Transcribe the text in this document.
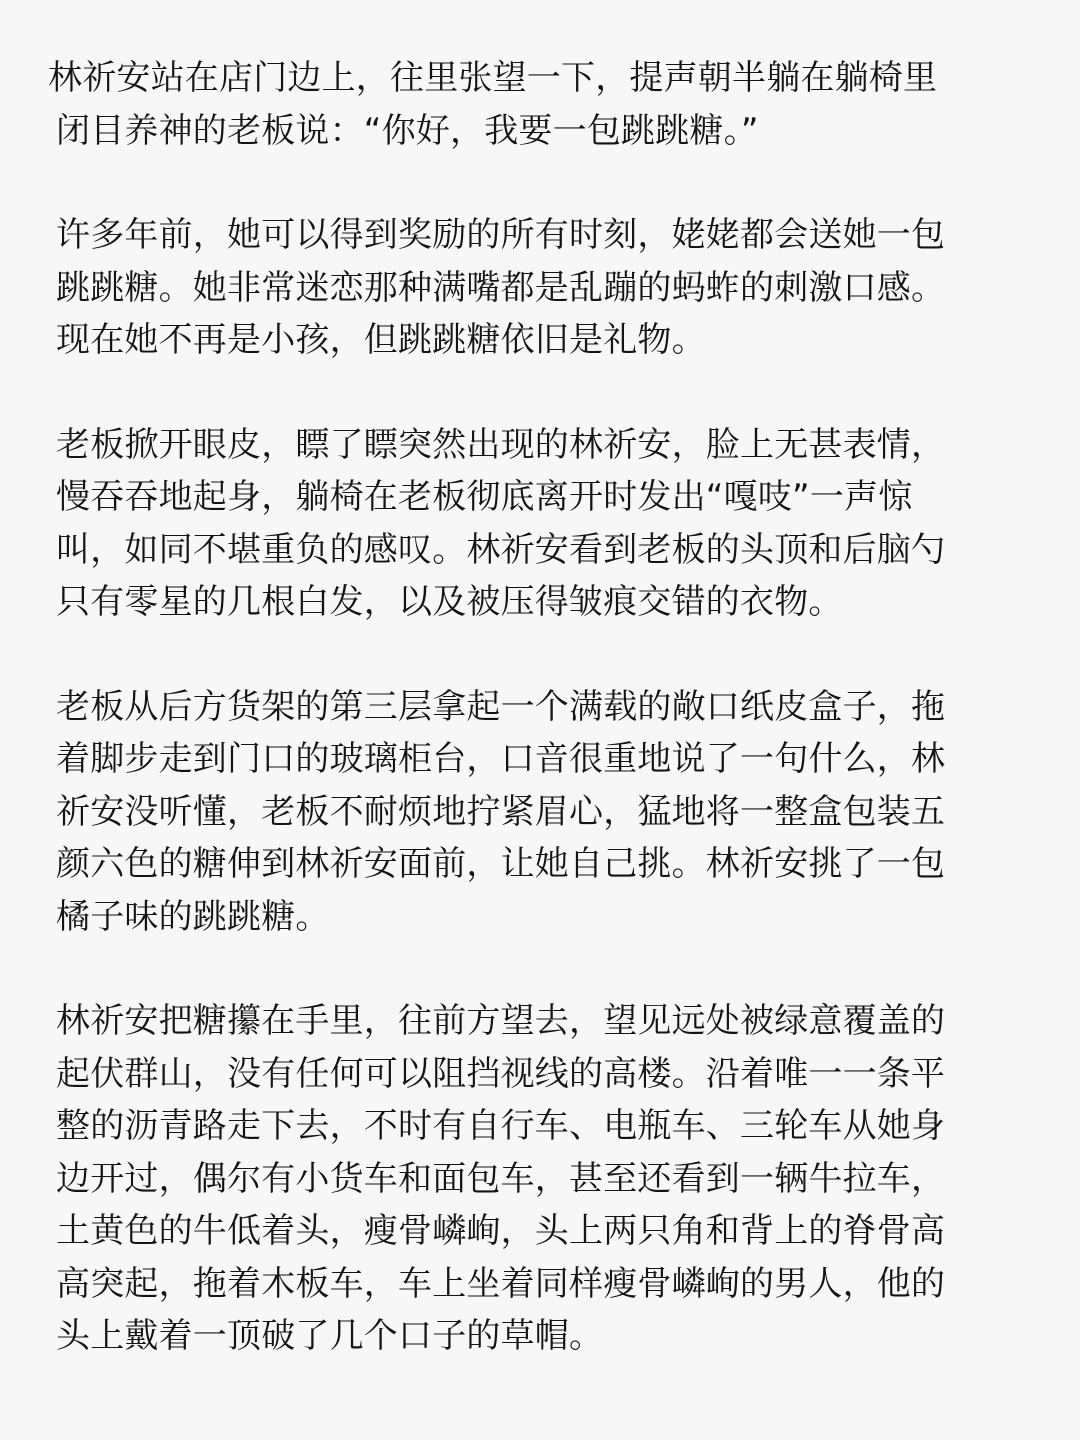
林祈安站在店门边上，往里张望一下，提声朝半躺在躺椅里
闭目养神的老板说：“你好，我要一包跳跳糖。”
许多年前，她可以得到奖励的所有时刻，姥姥都会送她一包
跳跳糖。她非常迷恋那种满嘴都是乱蹦的蚂蚱的刺激口感。
现在她不再是小孩，但跳跳糖依旧是礼物。
老板掀开眼皮，瞟了瞟突然出现的林祈安，脸上无甚表情，
慢吞吞地起身，躺椅在老板彻底离开时发出“嘎吱”一声惊
叫，如同不堪重负的感叹。林祈安看到老板的头顶和后脑勺
只有零星的几根白发，以及被压得皱痕交错的衣物。
老板从后方货架的第三层拿起一个满载的敞口纸皮盒子，拖
着脚步走到门口的玻璃柜台，口音很重地说了一句什么，林
祈安没听懂，老板不耐烦地拧紧眉心，猛地将一整盒包装五
颜六色的糖伸到林祈安面前，让她自己挑。林祈安挑了一包
橘子味的跳跳糖。
林祈安把糖攥在手里，往前方望去，望见远处被绿意覆盖的
起伏群山，没有任何可以阻挡视线的高楼。沿着唯一一条平
整的沥青路走下去，不时有自行车、电瓶车、三轮车从她身
边开过，偶尔有小货车和面包车，甚至还看到一辆牛拉车，
土黄色的牛低着头，瘦骨嶙峋，头上两只角和背上的脊骨高
高突起，拖着木板车，车上坐着同样瘦骨嶙峋的男人，他的
头上戴着一顶破了几个口子的草帽。
